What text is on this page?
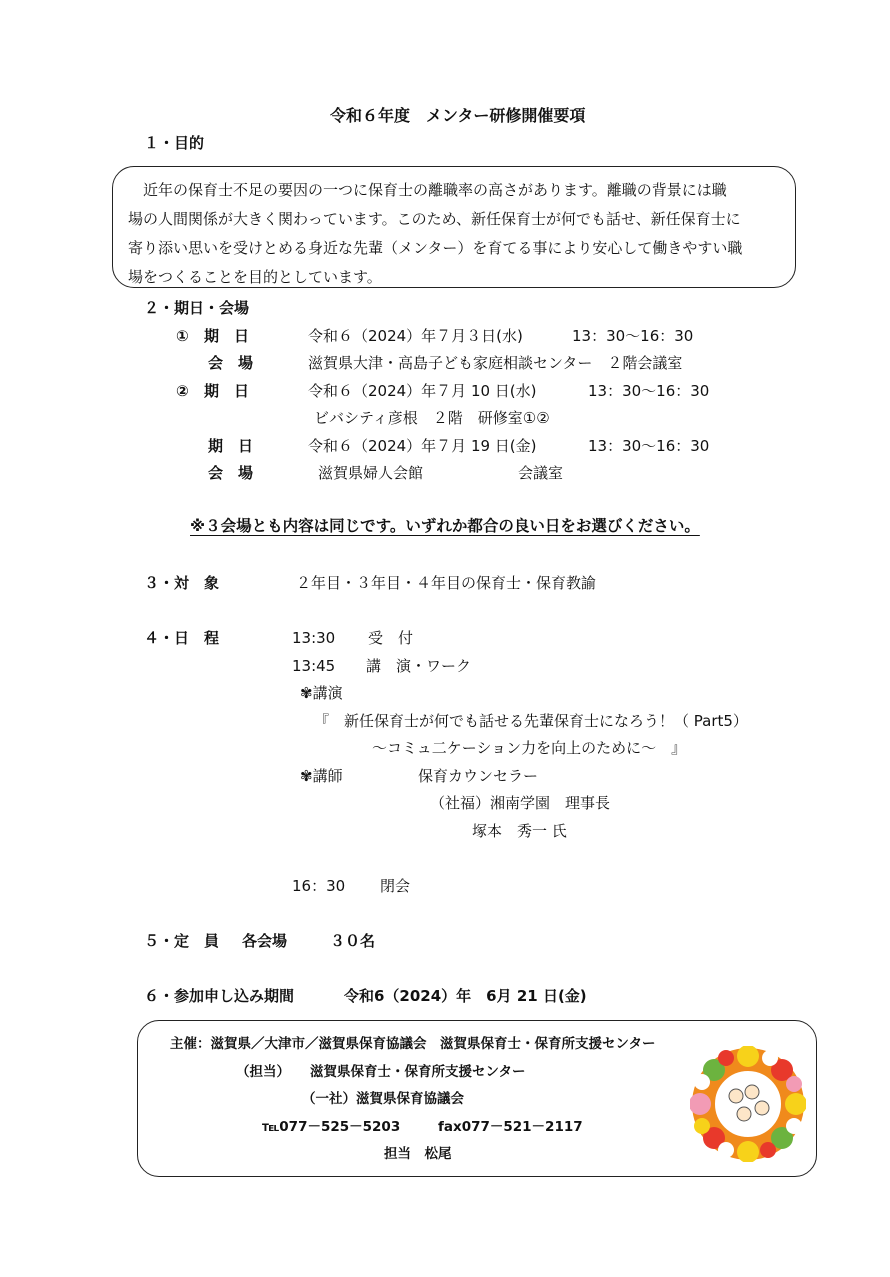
令和６年度　メンター研修開催要項
１・目的

　近年の保育士不足の要因の一つに保育士の離職率の高さがあります。離職の背景には職

場の人間関係が大きく関わっています。このため、新任保育士が何でも話せ、新任保育士に

寄り添い思いを受けとめる身近な先輩（メンター）を育てる事により安心して働きやすい職

場をつくることを目的としています。

２・期日・会場
① 期　日	令和６（2024）年７月３日(水)	13：30～16：30
会　場	滋賀県大津・高島子ども家庭相談センター　２階会議室
② 期　日	令和６（2024）年７月 10 日(水)	13：30～16：30
ビバシティ彦根　２階　研修室①②
期　日	令和６（2024）年７月 19 日(金)	13：30～16：30
会　場	滋賀県婦人会館	会議室
※３会場とも内容は同じです。いずれか都合の良い日をお選びください。
３・対　象	２年目・３年目・４年目の保育士・保育教諭
４・日　程	13:30 受　付
13:45 講　演・ワーク
✾講演
『　新任保育士が何でも話せる先輩保育士になろう！（ Part5）
～コミュ二ケーション力を向上のために～　』
✾講師	保育カウンセラー
（社福）湘南学園　理事長
塚本　秀一 氏
16：30 閉会
５・定　員 各会場	３０名
６・参加申し込み期間	令和6（2024）年　6月 21 日(金)
主催：滋賀県／大津市／滋賀県保育協議会　滋賀県保育士・保育所支援センター
（担当） 滋賀県保育士・保育所支援センター
（一社）滋賀県保育協議会
℡077－525－5203	fax077－521－2117
担当　松尾
